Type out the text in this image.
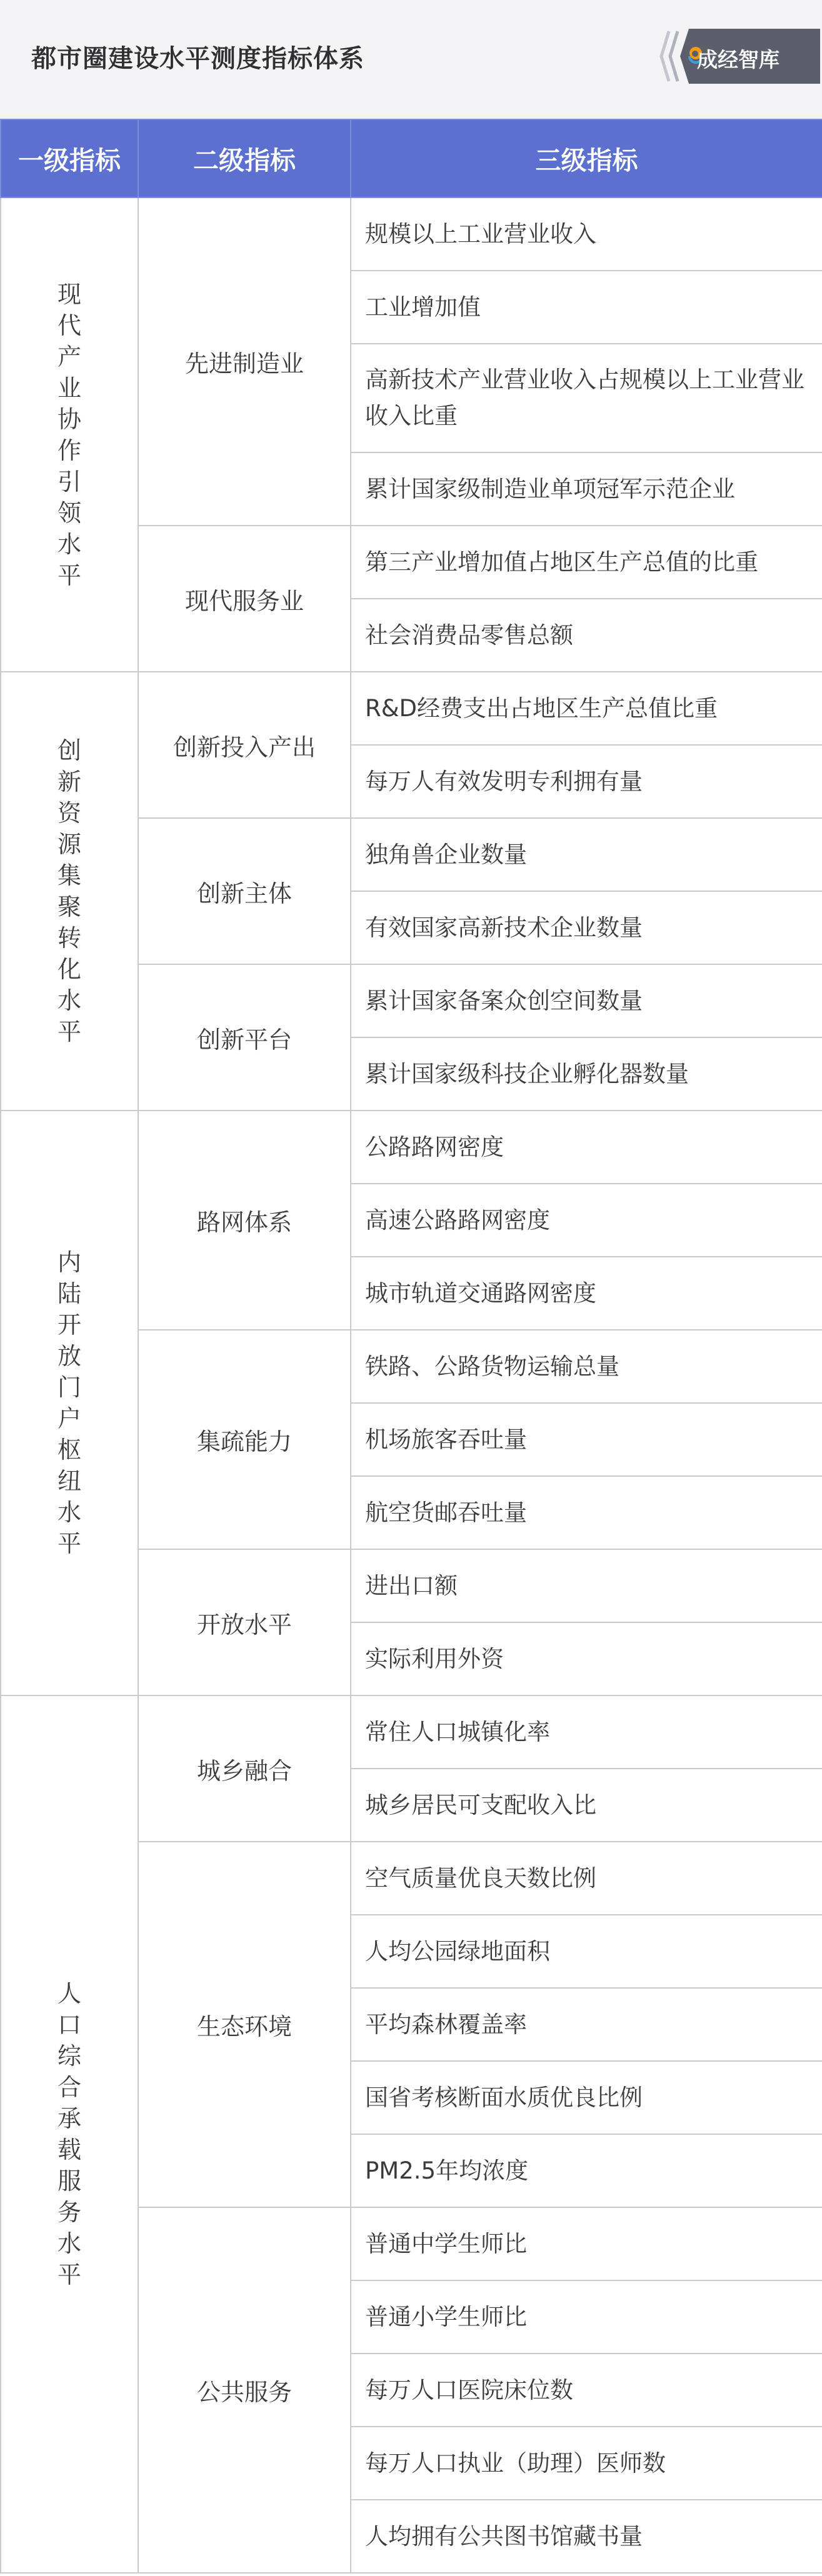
都市圈建设水平测度指标体系	成经智库
一级指标	二级指标	三级指标
现代产业协作引领水平	先进制造业	规模以上工业营业收入
		工业增加值
		高新技术产业营业收入占规模以上工业营业收入比重
		累计国家级制造业单项冠军示范企业
	现代服务业	第三产业增加值占地区生产总值的比重
		社会消费品零售总额
创新资源集聚转化水平	创新投入产出	R&D经费支出占地区生产总值比重
		每万人有效发明专利拥有量
	创新主体	独角兽企业数量
		有效国家高新技术企业数量
	创新平台	累计国家备案众创空间数量
		累计国家级科技企业孵化器数量
内陆开放门户枢纽水平	路网体系	公路路网密度
		高速公路路网密度
		城市轨道交通路网密度
	集疏能力	铁路、公路货物运输总量
		机场旅客吞吐量
		航空货邮吞吐量
	开放水平	进出口额
		实际利用外资
人口综合承载服务水平	城乡融合	常住人口城镇化率
		城乡居民可支配收入比
	生态环境	空气质量优良天数比例
		人均公园绿地面积
		平均森林覆盖率
		国省考核断面水质优良比例
		PM2.5年均浓度
	公共服务	普通中学生师比
		普通小学生师比
		每万人口医院床位数
		每万人口执业（助理）医师数
		人均拥有公共图书馆藏书量
